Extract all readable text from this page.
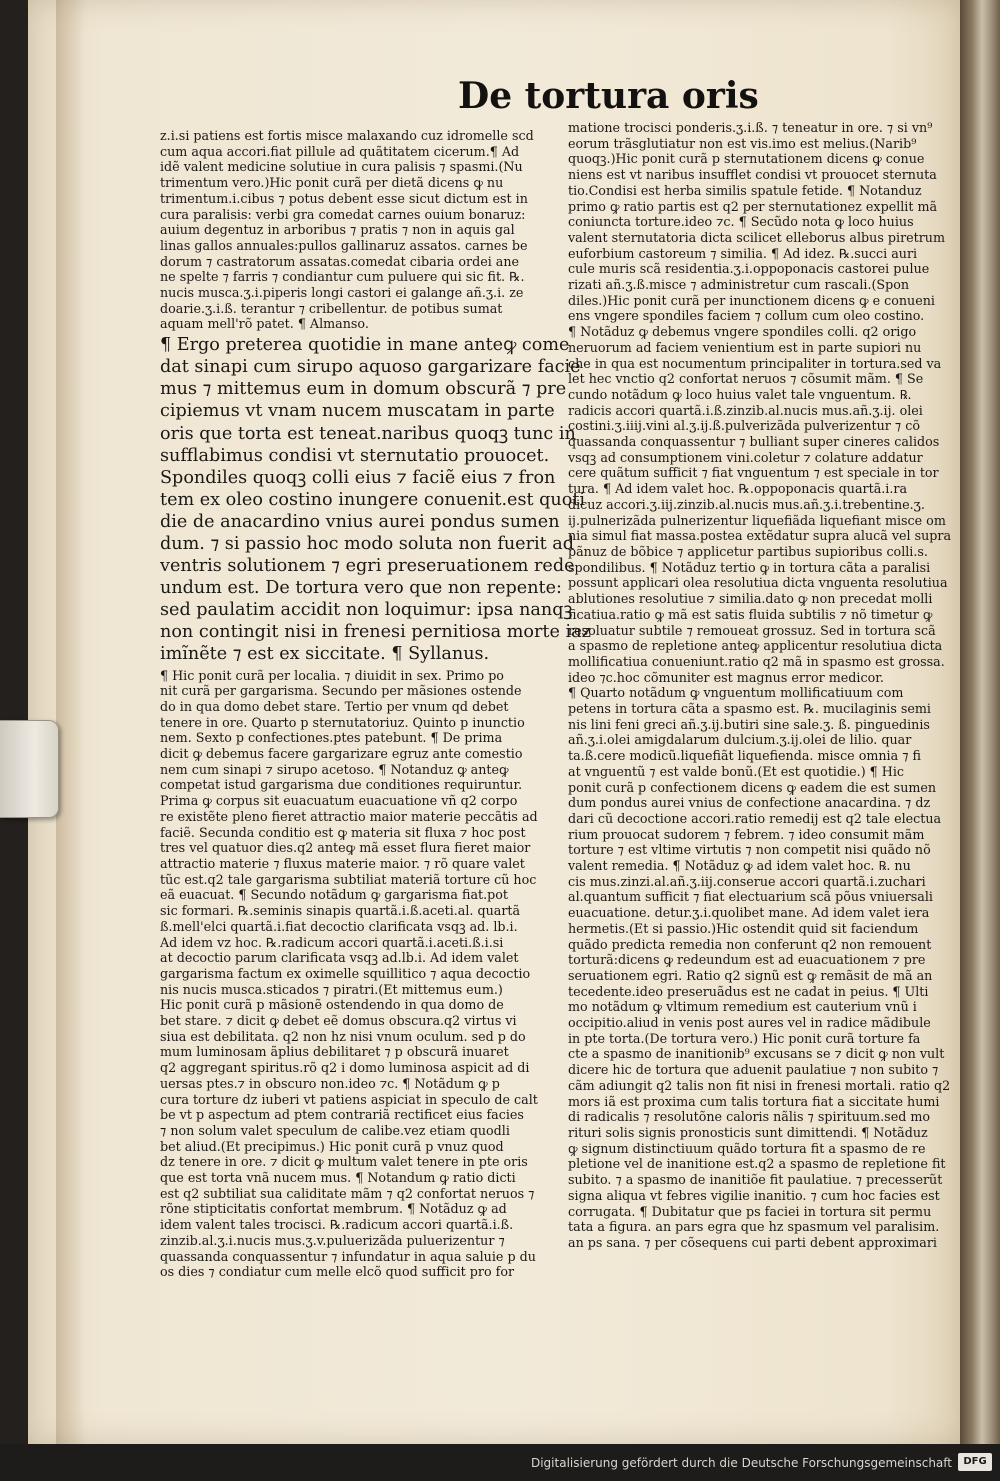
De tortura oris

z.i.si patiens est fortis misce malaxando cuz idromelle scd

cum aqua accori.fiat pillule ad quãtitatem cicerum.¶ Ad

idẽ valent medicine solutiue in cura palisis ⁊ spasmi.(Nu

trimentum vero.)Hic ponit curã per dietã dicens ꝙ nu

trimentum.i.cibus ⁊ potus debent esse sicut dictum est in

cura paralisis: verbi gra comedat carnes ouium bonaruz:

auium degentuz in arboribus ⁊ pratis ⁊ non in aquis gal

linas gallos annuales:pullos gallinaruz assatos. carnes be

dorum ⁊ castratorum assatas.comedat cibaria ordei ane

ne spelte ⁊ farris ⁊ condiantur cum puluere qui sic fit. ℞.

nucis musca.ʒ.i.piperis longi castori ei galange añ.ʒ.i. ze

doarie.ʒ.i.ß. terantur ⁊ cribellentur. de potibus sumat

aquam mell'rõ patet. ¶ Almanso.

¶ Ergo preterea quotidie in mane anteꝙ come

dat sinapi cum sirupo aquoso gargarizare facie

mus ⁊ mittemus eum in domum obscurã ⁊ pre

cipiemus vt vnam nucem muscatam in parte

oris que torta est teneat.naribus quoqꝫ tunc in

sufflabimus condisi vt sternutatio prouocet.

Spondiles quoqꝫ colli eius ⁊ faciẽ eius ⁊ fron

tem ex oleo costino inungere conuenit.est quoti

die de anacardino vnius aurei pondus sumen

dum. ⁊ si passio hoc modo soluta non fuerit ad

ventris solutionem ⁊ egri preseruationem rede

undum est. De tortura vero que non repente:

sed paulatim accidit non loquimur: ipsa nanqꝫ

non contingit nisi in frenesi pernitiosa morte iaz

imĩnẽte ⁊ est ex siccitate. ¶ Syllanus.

¶ Hic ponit curã per localia. ⁊ diuidit in sex. Primo po

nit curã per gargarisma. Secundo per mãsiones ostende

do in qua domo debet stare. Tertio per vnum qd debet

tenere in ore. Quarto p sternutatoriuz. Quinto p inunctio

nem. Sexto p confectiones.ptes patebunt. ¶ De prima

dicit ꝙ debemus facere gargarizare egruz ante comestio

nem cum sinapi ⁊ sirupo acetoso. ¶ Notanduz ꝙ anteꝙ

competat istud gargarisma due conditiones requiruntur.

Prima ꝙ corpus sit euacuatum euacuatione vñ q2 corpo

re existẽte pleno fieret attractio maior materie peccãtis ad

faciẽ. Secunda conditio est ꝙ materia sit fluxa ⁊ hoc post

tres vel quatuor dies.q2 anteꝙ mã esset flura fieret maior

attractio materie ⁊ fluxus materie maior. ⁊ rõ quare valet

tũc est.q2 tale gargarisma subtiliat materiã torture cũ hoc

eã euacuat. ¶ Secundo notãdum ꝙ gargarisma fiat.pot

sic formari. ℞.seminis sinapis quartã.i.ß.aceti.al. quartã

ß.mell'elci quartã.i.fiat decoctio clarificata vsqꝫ ad. lb.i.

Ad idem vz hoc. ℞.radicum accori quartã.i.aceti.ß.i.si

at decoctio parum clarificata vsqꝫ ad.lb.i. Ad idem valet

gargarisma factum ex oximelle squillitico ⁊ aqua decoctio

nis nucis musca.sticados ⁊ piratri.(Et mittemus eum.)

Hic ponit curã p mãsionẽ ostendendo in qua domo de

bet stare. ⁊ dicit ꝙ debet eẽ domus obscura.q2 virtus vi

siua est debilitata. q2 non hz nisi vnum oculum. sed p do

mum luminosam ãplius debilitaret ⁊ p obscurã inuaret

q2 aggregant spiritus.rõ q2 i domo luminosa aspicit ad di

uersas ptes.⁊ in obscuro non.ideo ⁊c. ¶ Notãdum ꝙ p

cura torture dz iuberi vt patiens aspiciat in speculo de calt

be vt p aspectum ad ptem contrariã rectificet eius facies

⁊ non solum valet speculum de calibe.vez etiam quodli

bet aliud.(Et precipimus.) Hic ponit curã p vnuz quod

dz tenere in ore. ⁊ dicit ꝙ multum valet tenere in pte oris

que est torta vnã nucem mus. ¶ Notandum ꝙ ratio dicti

est q2 subtiliat sua caliditate mãm ⁊ q2 confortat neruos ⁊

rõne stipticitatis confortat membrum. ¶ Notãduz ꝙ ad

idem valent tales trocisci. ℞.radicum accori quartã.i.ß.

zinzib.al.ʒ.i.nucis mus.ʒ.v.puluerizãda puluerizentur ⁊

quassanda conquassentur ⁊ infundatur in aqua saluie p du

os dies ⁊ condiatur cum melle elcõ quod sufficit pro for

matione trocisci ponderis.ʒ.i.ß. ⁊ teneatur in ore. ⁊ si vn⁹

eorum trãsglutiatur non est vis.imo est melius.(Narib⁹

quoqꝫ.)Hic ponit curã p sternutationem dicens ꝙ conue

niens est vt naribus insufflet condisi vt prouocet sternuta

tio.Condisi est herba similis spatule fetide. ¶ Notanduz

primo ꝙ ratio partis est q2 per sternutationez expellit mã

coniuncta torture.ideo ⁊c. ¶ Secũdo nota ꝙ loco huius

valent sternutatoria dicta scilicet elleborus albus piretrum

euforbium castoreum ⁊ similia. ¶ Ad idez. ℞.succi auri

cule muris scã residentia.ʒ.i.oppoponacis castorei pulue

rizati añ.ʒ.ß.misce ⁊ administretur cum rascali.(Spon

diles.)Hic ponit curã per inunctionem dicens ꝙ e conueni

ens vngere spondiles faciem ⁊ collum cum oleo costino.

¶ Notãduz ꝙ debemus vngere spondiles colli. q2 origo

neruorum ad faciem venientium est in parte supiori nu

che in qua est nocumentum principaliter in tortura.sed va

let hec vnctio q2 confortat neruos ⁊ cõsumit mãm. ¶ Se

cundo notãdum ꝙ loco huius valet tale vnguentum. ℞.

radicis accori quartã.i.ß.zinzib.al.nucis mus.añ.ʒ.ij. olei

costini.ʒ.iiij.vini al.ʒ.ij.ß.pulverizãda pulverizentur ⁊ cõ

quassanda conquassentur ⁊ bulliant super cineres calidos

vsqꝫ ad consumptionem vini.coletur ⁊ colature addatur

cere quãtum sufficit ⁊ fiat vnguentum ⁊ est speciale in tor

tura. ¶ Ad idem valet hoc. ℞.oppoponacis quartã.i.ra

dicuz accori.ʒ.iij.zinzib.al.nucis mus.añ.ʒ.i.trebentine.ʒ.

ij.pulnerizãda pulnerizentur liquefiãda liquefiant misce om

nia simul fiat massa.postea extẽdatur supra alucã vel supra

pãnuz de bõbice ⁊ applicetur partibus supioribus colli.s.

spondilibus. ¶ Notãduz tertio ꝙ in tortura cãta a paralisi

possunt applicari olea resolutiua dicta vnguenta resolutiua

ablutiones resolutiue ⁊ similia.dato ꝙ non precedat molli

ficatiua.ratio ꝙ mã est satis fluida subtilis ⁊ nõ timetur ꝙ

resoluatur subtile ⁊ remoueat grossuz. Sed in tortura scã

a spasmo de repletione anteꝙ applicentur resolutiua dicta

mollificatiua conueniunt.ratio q2 mã in spasmo est grossa.

ideo ⁊c.hoc cõmuniter est magnus error medicor.

¶ Quarto notãdum ꝙ vnguentum mollificatiuum com

petens in tortura cãta a spasmo est. ℞. mucilaginis semi

nis lini feni greci añ.ʒ.ij.butiri sine sale.ʒ. ß. pinguedinis

añ.ʒ.i.olei amigdalarum dulcium.ʒ.ij.olei de lilio. quar

ta.ß.cere modicũ.liquefiãt liquefienda. misce omnia ⁊ fi

at vnguentũ ⁊ est valde bonũ.(Et est quotidie.) ¶ Hic

ponit curã p confectionem dicens ꝙ eadem die est sumen

dum pondus aurei vnius de confectione anacardina. ⁊ dz

dari cũ decoctione accori.ratio remedij est q2 tale electua

rium prouocat sudorem ⁊ febrem. ⁊ ideo consumit mãm

torture ⁊ est vltime virtutis ⁊ non competit nisi quãdo nõ

valent remedia. ¶ Notãduz ꝙ ad idem valet hoc. ℞. nu

cis mus.zinzi.al.añ.ʒ.iij.conserue accori quartã.i.zuchari

al.quantum sufficit ⁊ fiat electuarium scã põus vniuersali

euacuatione. detur.ʒ.i.quolibet mane. Ad idem valet iera

hermetis.(Et si passio.)Hic ostendit quid sit faciendum

quãdo predicta remedia non conferunt q2 non remouent

torturã:dicens ꝙ redeundum est ad euacuationem ⁊ pre

seruationem egri. Ratio q2 signũ est ꝙ remãsit de mã an

tecedente.ideo preseruãdus est ne cadat in peius. ¶ Ulti

mo notãdum ꝙ vltimum remedium est cauterium vnũ i

occipitio.aliud in venis post aures vel in radice mãdibule

in pte torta.(De tortura vero.) Hic ponit curã torture fa

cte a spasmo de inanitionib⁹ excusans se ⁊ dicit ꝙ non vult

dicere hic de tortura que aduenit paulatiue ⁊ non subito ⁊

cãm adiungit q2 talis non fit nisi in frenesi mortali. ratio q2

mors iã est proxima cum talis tortura fiat a siccitate humi

di radicalis ⁊ resolutõne caloris nãlis ⁊ spirituum.sed mo

rituri solis signis pronosticis sunt dimittendi. ¶ Notãduz

ꝙ signum distinctiuum quãdo tortura fit a spasmo de re

pletione vel de inanitione est.q2 a spasmo de repletione fit

subito. ⁊ a spasmo de inanitiõe fit paulatiue. ⁊ precesserũt

signa aliqua vt febres vigilie inanitio. ⁊ cum hoc facies est

corrugata. ¶ Dubitatur que ps faciei in tortura sit permu

tata a figura. an pars egra que hz spasmum vel paralisim.

an ps sana. ⁊ per cõsequens cui parti debent approximari

Digitalisierung gefördert durch die Deutsche Forschungsgemeinschaft	DFG
